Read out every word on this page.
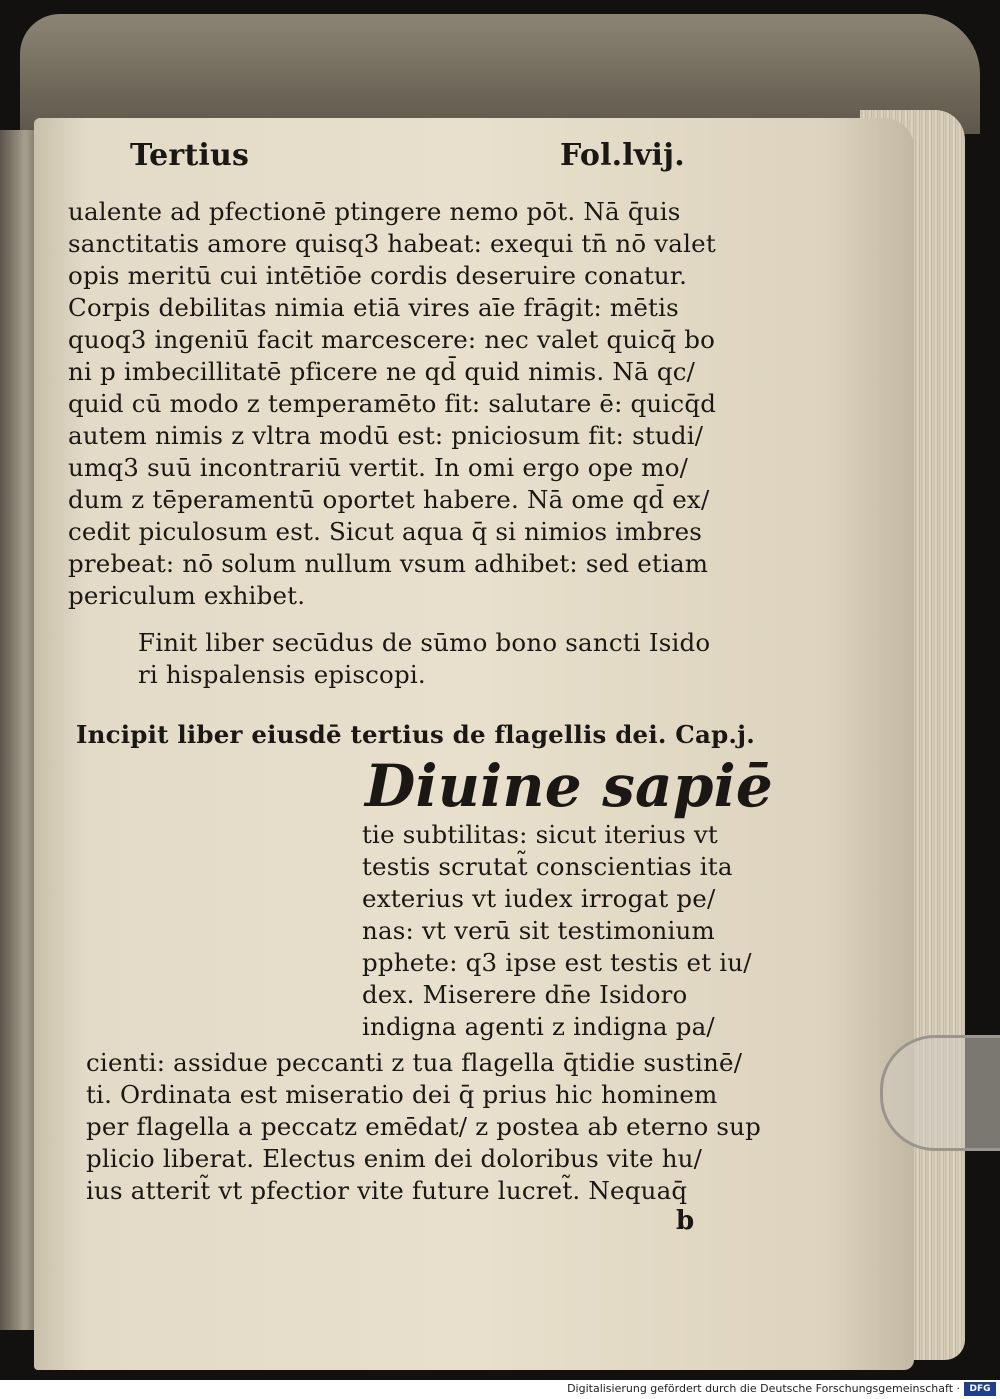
Tertius	Fol.lvij.
ualente ad pfectionē ptingere nemo pōt. Nā q̄uis
sanctitatis amore quisq3 habeat: exequi tn̄ nō valet
opis meritū cui intētiōe cordis deseruire conatur.
Corpis debilitas nimia etiā vires aīe frāgit: mētis
quoq3 ingeniū facit marcescere: nec valet quicq̄ bo
ni p imbecillitatē pficere ne qd̄ quid nimis. Nā qc/
quid cū modo z temperamēto fit: salutare ē: quicq̄d
autem nimis z vltra modū est: pniciosum fit: studi/
umq3 suū incontrariū vertit. In omi ergo ope mo/
dum z tēperamentū oportet habere. Nā ome qd̄ ex/
cedit piculosum est. Sicut aqua q̄ si nimios imbres
prebeat: nō solum nullum vsum adhibet: sed etiam
periculum exhibet.
Finit liber secūdus de sūmo bono sancti Isido
ri hispalensis episcopi.
Incipit liber eiusdē tertius de flagellis dei. Cap.j.
Diuine sapiē
tie subtilitas: sicut iterius vt
testis scrutat̃ conscientias ita
exterius vt iudex irrogat pe/
nas: vt verū sit testimonium
pphete: q3 ipse est testis et iu/
dex. Miserere dn̄e Isidoro
indigna agenti z indigna pa/
cienti: assidue peccanti z tua flagella q̄tidie sustinē/
ti. Ordinata est miseratio dei q̄ prius hic hominem
per flagella a peccatz emēdat/ z postea ab eterno sup
plicio liberat. Electus enim dei doloribus vite hu/
ius atterit̃ vt pfectior vite future lucret̃. Nequaq̄
b
Digitalisierung gefördert durch die Deutsche Forschungsgemeinschaft ·	DFG
